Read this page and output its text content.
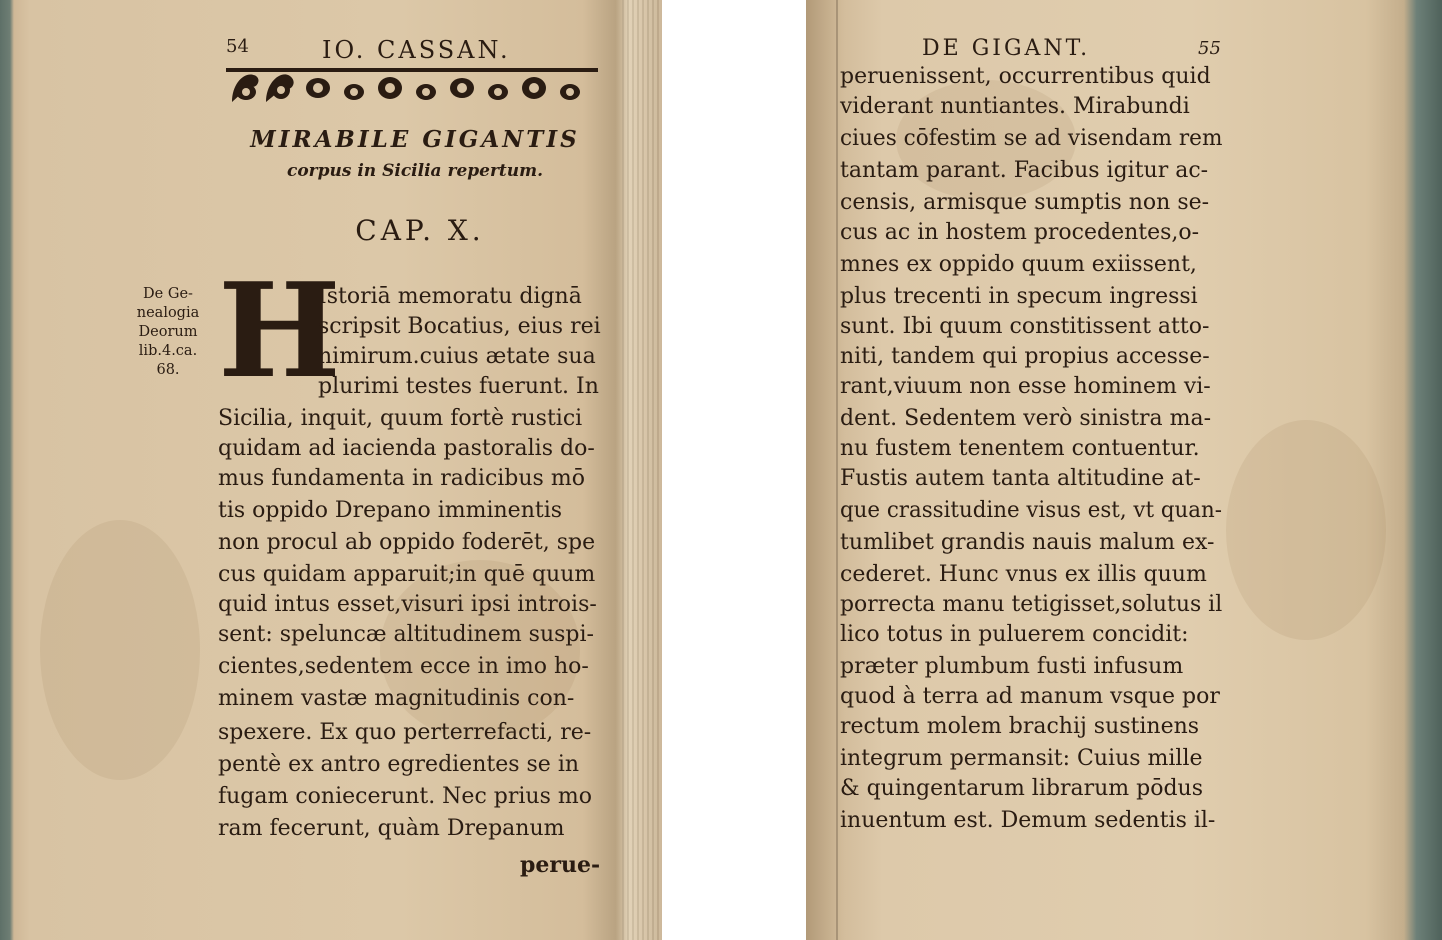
54	IO. CASSAN.
MIRABILE GIGANTIS
corpus in Sicilia repertum.
CAP. X.
De Ge-
nealogia
Deorum
lib.4.ca.
68. H
Istoriā memoratu dignā
scripsit Bocatius, eius rei
nimirum.cuius ætate sua
plurimi testes fuerunt. In
Sicilia, inquit, quum fortè rustici
quidam ad iacienda pastoralis do-
mus fundamenta in radicibus mō
tis oppido Drepano imminentis
non procul ab oppido foderēt, spe
cus quidam apparuit;in quē quum
quid intus esset,visuri ipsi introis-
sent: speluncæ altitudinem suspi-
cientes,sedentem ecce in imo ho-
minem vastæ magnitudinis con-
spexere. Ex quo perterrefacti, re-
pentè ex antro egredientes se in
fugam coniecerunt. Nec prius mo
ram fecerunt, quàm Drepanum
perue-
DE GIGANT.	55
peruenissent, occurrentibus quid
viderant nuntiantes. Mirabundi
ciues cōfestim se ad visendam rem
tantam parant. Facibus igitur ac-
censis, armisque sumptis non se-
cus ac in hostem procedentes,o-
mnes ex oppido quum exiissent,
plus trecenti in specum ingressi
sunt. Ibi quum constitissent atto-
niti, tandem qui propius accesse-
rant,viuum non esse hominem vi-
dent. Sedentem verò sinistra ma-
nu fustem tenentem contuentur.
Fustis autem tanta altitudine at-
que crassitudine visus est, vt quan-
tumlibet grandis nauis malum ex-
cederet. Hunc vnus ex illis quum
porrecta manu tetigisset,solutus il
lico totus in puluerem concidit:
præter plumbum fusti infusum
quod à terra ad manum vsque por
rectum molem brachij sustinens
integrum permansit: Cuius mille
& quingentarum librarum pōdus
inuentum est. Demum sedentis il-
